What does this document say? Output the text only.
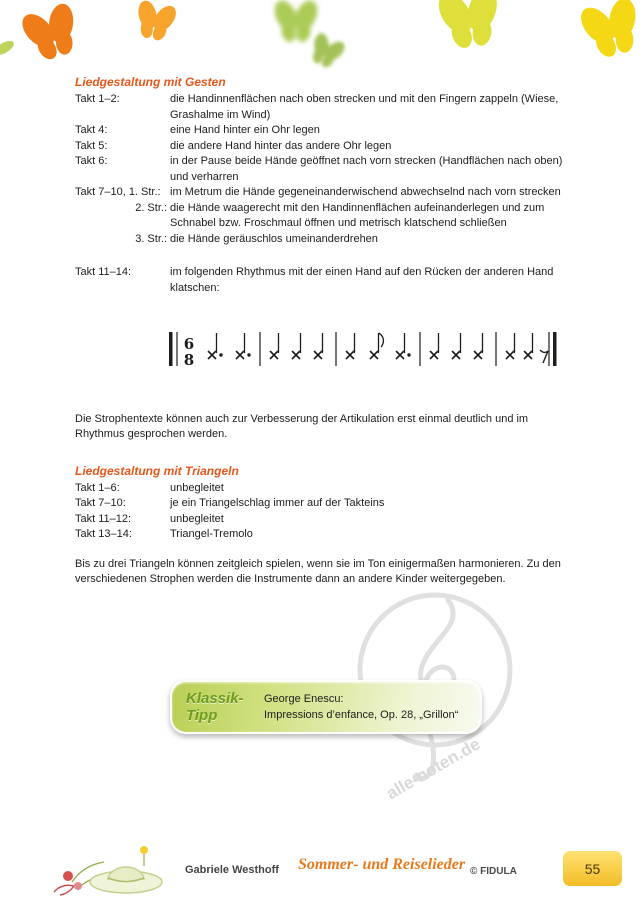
alle-noten.de
Liedgestaltung mit Gesten
Takt 1–2:	die Handinnenflächen nach oben strecken und mit den Fingern zappeln (Wiese, Grashalme im Wind)
Takt 4:	eine Hand hinter ein Ohr legen
Takt 5:	die andere Hand hinter das andere Ohr legen
Takt 6:	in der Pause beide Hände geöffnet nach vorn strecken (Handflächen nach oben) und verharren
Takt 7–10, 1. Str.: im Metrum die Hände gegeneinanderwischend abwechselnd nach vorn strecken
2. Str.: die Hände waagerecht mit den Handinnenflächen aufeinanderlegen und zum Schnabel bzw. Froschmaul öffnen und metrisch klatschend schließen
3. Str.: die Hände geräuschlos umeinanderdrehen
Takt 11–14:	im folgenden Rhythmus mit der einen Hand auf den Rücken der anderen Hand klatschen:
6
8

Die Strophentexte können auch zur Verbesserung der Artikulation erst einmal deutlich und im Rhythmus gesprochen werden.

Liedgestaltung mit Triangeln
Takt 1–6:	unbegleitet
Takt 7–10:	je ein Triangelschlag immer auf der Takteins
Takt 11–12:	unbegleitet
Takt 13–14:	Triangel-Tremolo

Bis zu drei Triangeln können zeitgleich spielen, wenn sie im Ton einigermaßen harmonieren. Zu den verschiedenen Strophen werden die Instrumente dann an andere Kinder weitergegeben.

Klassik-
Tipp
George Enescu:
Impressions d’enfance, Op. 28, „Grillon“
Gabriele Westhoff Sommer- und Reiselieder © FIDULA	55
